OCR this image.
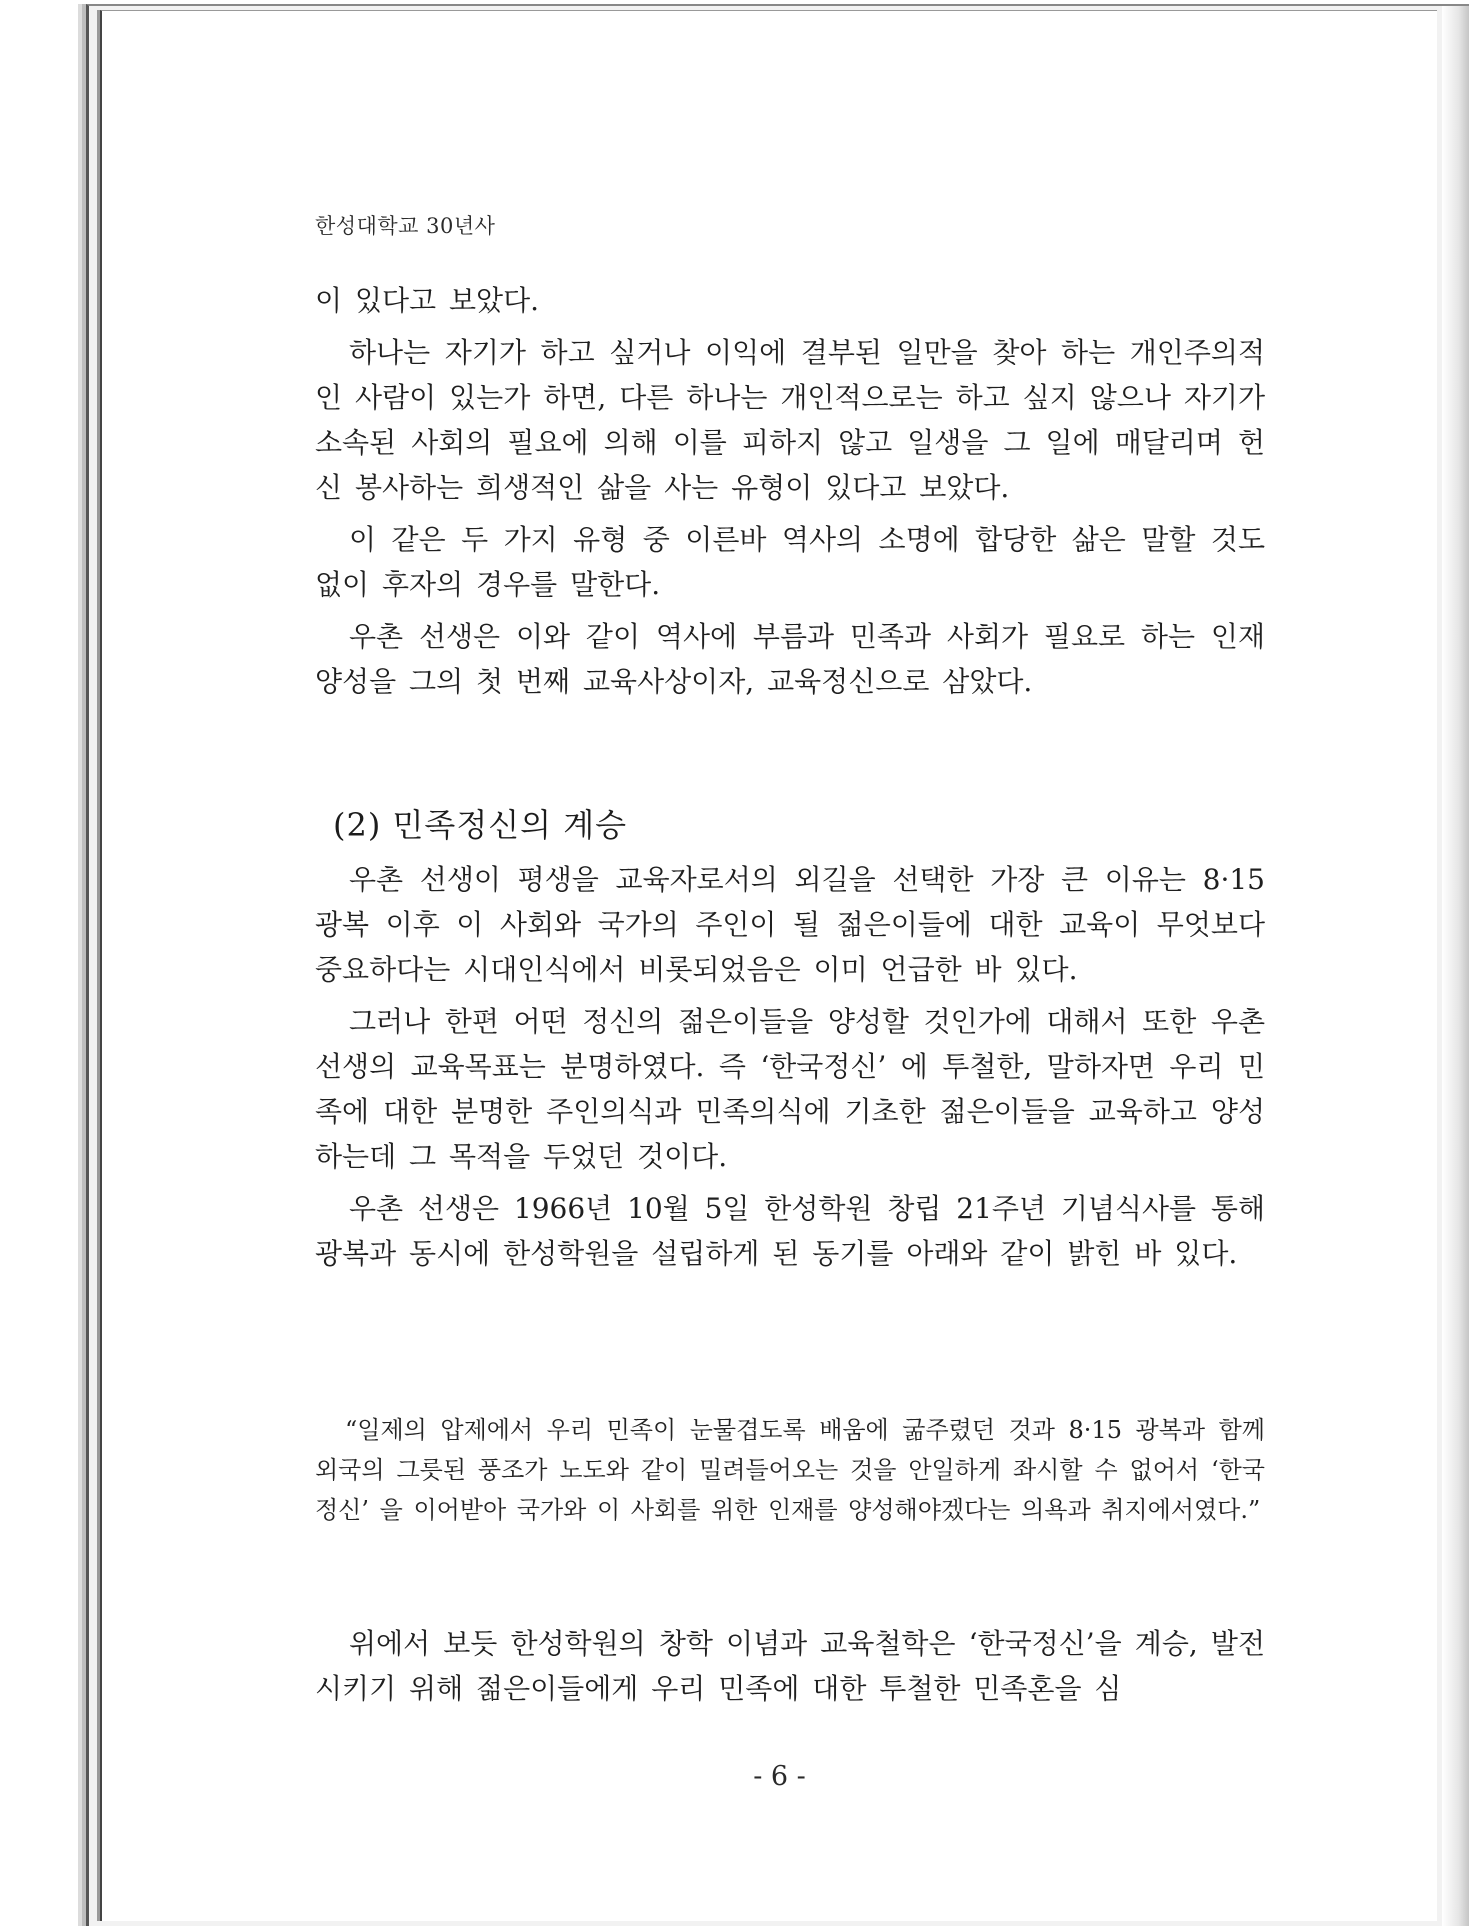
한성대학교 30년사

이 있다고 보았다.

하나는 자기가 하고 싶거나 이익에 결부된 일만을 찾아 하는 개인주의적인 사람이 있는가 하면, 다른 하나는 개인적으로는 하고 싶지 않으나 자기가 소속된 사회의 필요에 의해 이를 피하지 않고 일생을 그 일에 매달리며 헌신 봉사하는 희생적인 삶을 사는 유형이 있다고 보았다.

이 같은 두 가지 유형 중 이른바 역사의 소명에 합당한 삶은 말할 것도 없이 후자의 경우를 말한다.

우촌 선생은 이와 같이 역사에 부름과 민족과 사회가 필요로 하는 인재 양성을 그의 첫 번째 교육사상이자, 교육정신으로 삼았다.

(2) 민족정신의 계승

우촌 선생이 평생을 교육자로서의 외길을 선택한 가장 큰 이유는 8·15 광복 이후 이 사회와 국가의 주인이 될 젊은이들에 대한 교육이 무엇보다 중요하다는 시대인식에서 비롯되었음은 이미 언급한 바 있다.

그러나 한편 어떤 정신의 젊은이들을 양성할 것인가에 대해서 또한 우촌 선생의 교육목표는 분명하였다. 즉 ‘한국정신’ 에 투철한, 말하자면 우리 민족에 대한 분명한 주인의식과 민족의식에 기초한 젊은이들을 교육하고 양성하는데 그 목적을 두었던 것이다.

우촌 선생은 1966년 10월 5일 한성학원 창립 21주년 기념식사를 통해 광복과 동시에 한성학원을 설립하게 된 동기를 아래와 같이 밝힌 바 있다.

“일제의 압제에서 우리 민족이 눈물겹도록 배움에 굶주렸던 것과 8·15 광복과 함께 외국의 그릇된 풍조가 노도와 같이 밀려들어오는 것을 안일하게 좌시할 수 없어서 ‘한국정신’ 을 이어받아 국가와 이 사회를 위한 인재를 양성해야겠다는 의욕과 취지에서였다.”

위에서 보듯 한성학원의 창학 이념과 교육철학은 ‘한국정신’을 계승, 발전시키기 위해 젊은이들에게 우리 민족에 대한 투철한 민족혼을 심

- 6 -
